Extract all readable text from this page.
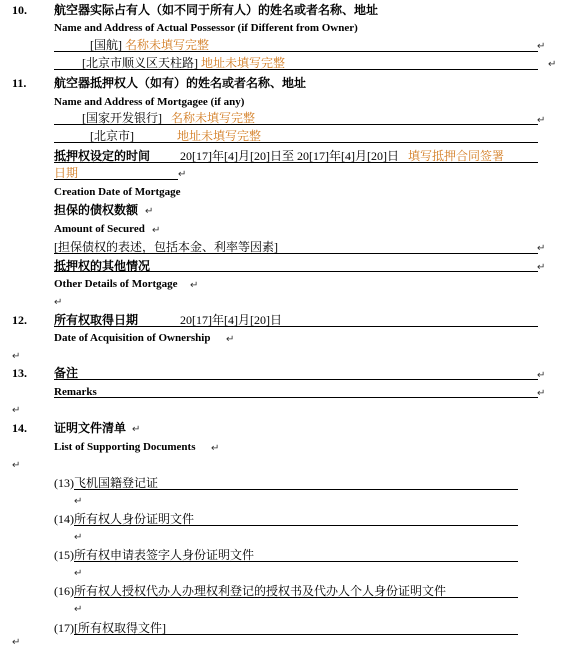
10. 航空器实际占有人（如不同于所有人）的姓名或者名称、地址
Name and Address of Actual Possessor (if Different from Owner)
[国航] 名称未填写完整	↵
[北京市顺义区天柱路] 地址未填写完整	↵
11. 航空器抵押权人（如有）的姓名或者名称、地址
Name and Address of Mortgagee (if any)
[国家开发银行] 名称未填写完整	↵
[北京市]	地址未填写完整
抵押权设定的时间 20[17]年[4]月[20]日至 20[17]年[4]月[20]日 填写抵押合同签署
日期	↵
Creation Date of Mortgage
担保的债权数额 ↵
Amount of Secured ↵
[担保债权的表述，包括本金、利率等因素]	↵
抵押权的其他情况	↵
Other Details of Mortgage ↵
↵
12. 所有权取得日期	20[17]年[4]月[20]日
Date of Acquisition of Ownership ↵
↵
13. 备注	↵
Remarks	↵
↵
14. 证明文件清单 ↵
List of Supporting Documents ↵
↵
(13)飞机国籍登记证
↵
(14)所有权人身份证明文件
↵
(15)所有权申请表签字人身份证明文件
↵
(16)所有权人授权代办人办理权利登记的授权书及代办人个人身份证明文件
↵
(17)[所有权取得文件]
↵
